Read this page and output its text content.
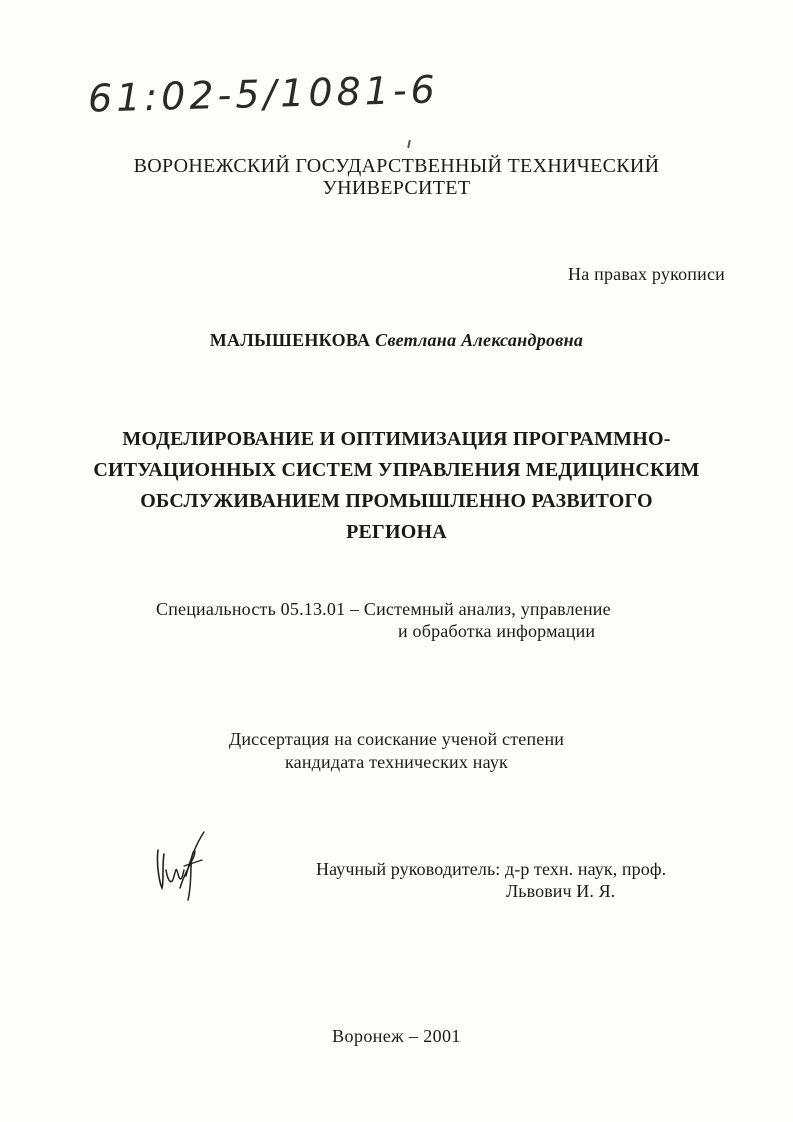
61:02-5/1081-6
ВОРОНЕЖСКИЙ ГОСУДАРСТВЕННЫЙ ТЕХНИЧЕСКИЙ
УНИВЕРСИТЕТ
На правах рукописи
МАЛЫШЕНКОВА Светлана Александровна
МОДЕЛИРОВАНИЕ И ОПТИМИЗАЦИЯ ПРОГРАММНО-
СИТУАЦИОННЫХ СИСТЕМ УПРАВЛЕНИЯ МЕДИЦИНСКИМ
ОБСЛУЖИВАНИЕМ ПРОМЫШЛЕННО РАЗВИТОГО
РЕГИОНА
Специальность 05.13.01 – Системный анализ, управление
и обработка информации
Диссертация на соискание ученой степени
кандидата технических наук
Научный руководитель: д-р техн. наук, проф.
Львович И. Я.
Воронеж – 2001
